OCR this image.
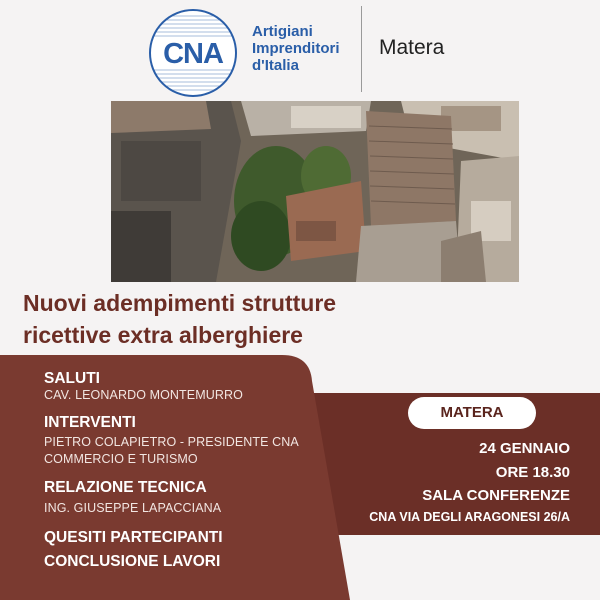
CNA
Artigiani
Imprenditori
d'Italia
Matera
Nuovi adempimenti strutture
ricettive extra alberghiere
SALUTI
CAV. LEONARDO MONTEMURRO
INTERVENTI
PIETRO COLAPIETRO - PRESIDENTE CNA
COMMERCIO E TURISMO
RELAZIONE TECNICA
ING. GIUSEPPE LAPACCIANA
QUESITI PARTECIPANTI
CONCLUSIONE LAVORI
MATERA
24 GENNAIO
ORE 18.30
SALA CONFERENZE
CNA VIA DEGLI ARAGONESI 26/A
